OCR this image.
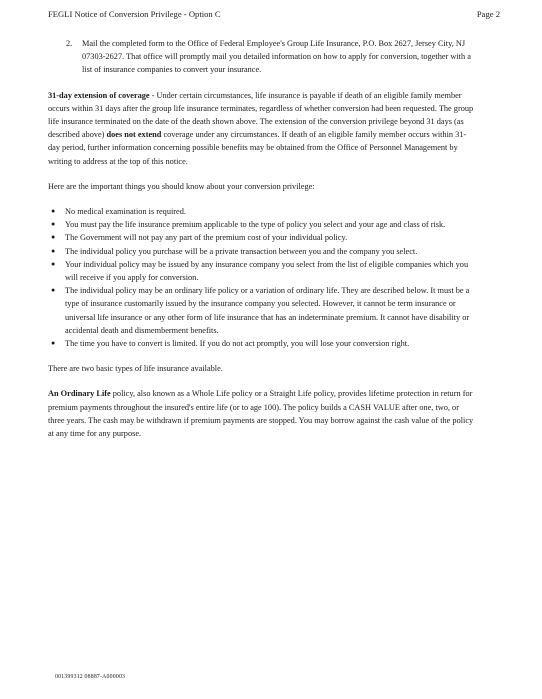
FEGLI Notice of Conversion Privilege - Option C	Page 2
2.	Mail the completed form to the Office of Federal Employee's Group Life Insurance, P.O. Box 2627, Jersey City, NJ 07303-2627. That office will promptly mail you detailed information on how to apply for conversion, together with a list of insurance companies to convert your insurance.

31-day extension of coverage - Under certain circumstances, life insurance is payable if death of an eligible family member occurs within 31 days after the group life insurance terminates, regardless of whether conversion had been requested. The group life insurance terminated on the date of the death shown above. The extension of the conversion privilege beyond 31 days (as described above) does not extend coverage under any circumstances. If death of an eligible family member occurs within 31-day period, further information concerning possible benefits may be obtained from the Office of Personnel Management by writing to address at the top of this notice.

Here are the important things you should know about your conversion privilege:

●	No medical examination is required.
●	You must pay the life insurance premium applicable to the type of policy you select and your age and class of risk.
●	The Government will not pay any part of the premium cost of your individual policy.
●	The individual policy you purchase will be a private transaction between you and the company you select.
●	Your individual policy may be issued by any insurance company you select from the list of eligible companies which you will receive if you apply for conversion.
●	The individual policy may be an ordinary life policy or a variation of ordinary life. They are described below. It must be a type of insurance customarily issued by the insurance company you selected. However, it cannot be term insurance or universal life insurance or any other form of life insurance that has an indeterminate premium. It cannot have disability or accidental death and dismemberment benefits.
●	The time you have to convert is limited. If you do not act promptly, you will lose your conversion right.

There are two basic types of life insurance available.

An Ordinary Life policy, also known as a Whole Life policy or a Straight Life policy, provides lifetime protection in return for premium payments throughout the insured's entire life (or to age 100). The policy builds a CASH VALUE after one, two, or three years. The cash may be withdrawn if premium payments are stopped. You may borrow against the cash value of the policy at any time for any purpose.

001399312 08887-A000003
